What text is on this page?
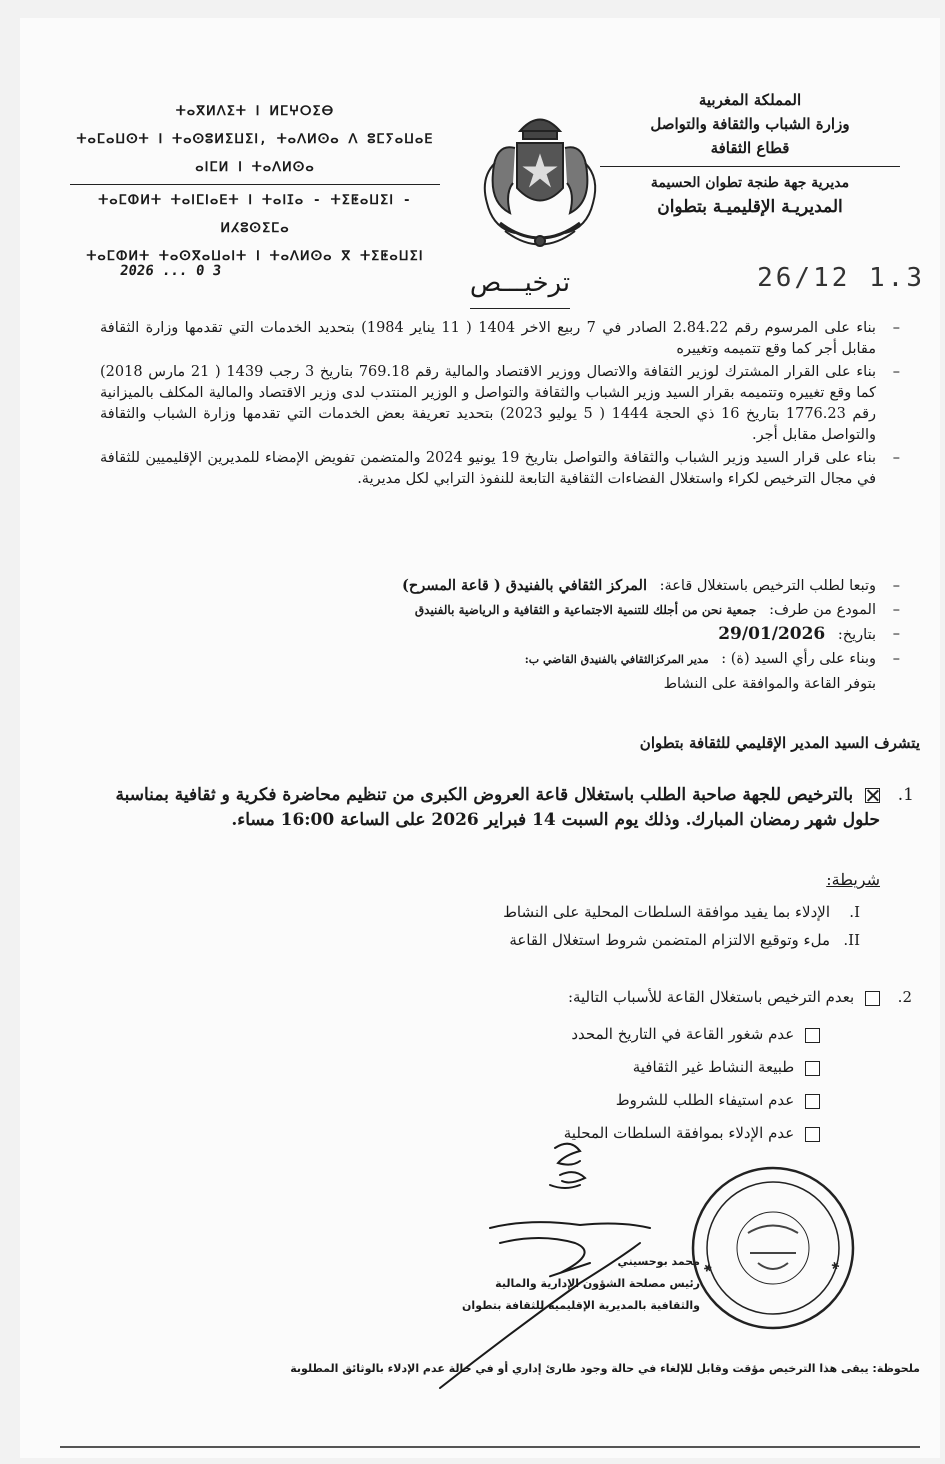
المملكة المغربية
وزارة الشباب والثقافة والتواصل
قطاع الثقافة
مديرية جهة طنجة تطوان الحسيمة
المديريـة الإقليميـة بتطوان
ⵜⴰⴳⵍⴷⵉⵜ ⵏ ⵍⵎⵖⵔⵉⴱ
ⵜⴰⵎⴰⵡⵙⵜ ⵏ ⵜⴰⵙⵓⵍⵉⵡⵉⵏ, ⵜⴰⴷⵍⵙⴰ ⴷ ⵓⵎⵢⴰⵡⴰⴹ
ⴰⵏⵎⵍ ⵏ ⵜⴰⴷⵍⵙⴰ
ⵜⴰⵎⵀⵍⵜ ⵜⴰⵏⵎⵏⴰⴹⵜ ⵏ ⵜⴰⵏⵊⴰ - ⵜⵉⵟⴰⵡⵉⵏ - ⵍⵃⵓⵙⵉⵎⴰ
ⵜⴰⵎⵀⵍⵜ ⵜⴰⵙⴳⴰⵡⴰⵏⵜ ⵏ ⵜⴰⴷⵍⵙⴰ ⴳ ⵜⵉⵟⴰⵡⵉⵏ
2026 ... 0 3	26/12 1.3
ترخيـــص
– بناء على المرسوم رقم 2.84.22 الصادر في 7 ربيع الاخر 1404 ( 11 يناير 1984) بتحديد الخدمات التي تقدمها وزارة الثقافة مقابل أجر كما وقع تتميمه وتغييره
– بناء على القرار المشترك لوزير الثقافة والاتصال ووزير الاقتصاد والمالية رقم 769.18 بتاريخ 3 رجب 1439 ( 21 مارس 2018) كما وقع تغييره وتتميمه بقرار السيد وزير الشباب والثقافة والتواصل و الوزير المنتدب لدى وزير الاقتصاد والمالية المكلف بالميزانية رقم 1776.23 بتاريخ 16 ذي الحجة 1444 ( 5 يوليو 2023) بتحديد تعريفة بعض الخدمات التي تقدمها وزارة الشباب والثقافة والتواصل مقابل أجر.
– بناء على قرار السيد وزير الشباب والثقافة والتواصل بتاريخ 19 يونيو 2024 والمتضمن تفويض الإمضاء للمديرين الإقليميين للثقافة في مجال الترخيص لكراء واستغلال الفضاءات الثقافية التابعة للنفوذ الترابي لكل مديرية.
– وتبعا لطلب الترخيص باستغلال قاعة: المركز الثقافي بالفنيدق ( قاعة المسرح)
– المودع من طرف: جمعية نحن من أجلك للتنمية الاجتماعية و الثقافية و الرياضية بالفنيدق
– بتاريخ: 29/01/2026
– وبناء على رأي السيد (ة) : مدير المركزالثقافي بالفنيدق القاضي ب:
بتوفر القاعة والموافقة على النشاط
يتشرف السيد المدير الإقليمي للثقافة بتطوان
1.
بالترخيص للجهة صاحبة الطلب باستغلال قاعة العروض الكبرى من تنظيم محاضرة فكرية و ثقافية بمناسبة حلول شهر رمضان المبارك. وذلك يوم السبت 14 فبراير 2026 على الساعة 16:00 مساء.
شريطة:
I.
الإدلاء بما يفيد موافقة السلطات المحلية على النشاط
II.
ملء وتوقيع الالتزام المتضمن شروط استغلال القاعة
2.
بعدم الترخيص باستغلال القاعة للأسباب التالية:
عدم شغور القاعة في التاريخ المحدد
طبيعة النشاط غير الثقافية
عدم استيفاء الطلب للشروط
عدم الإدلاء بموافقة السلطات المحلية
محمد بوحسيني
رئيس مصلحة الشؤون الإدارية والمالية
والثقافية بالمديرية الإقليمية للثقافة بتطوان
✱	✱
ملحوظة: يبقى هذا الترخيص مؤقت وقابل للإلغاء في حالة وجود طارئ إداري أو في حالة عدم الإدلاء بالوثائق المطلوبة
